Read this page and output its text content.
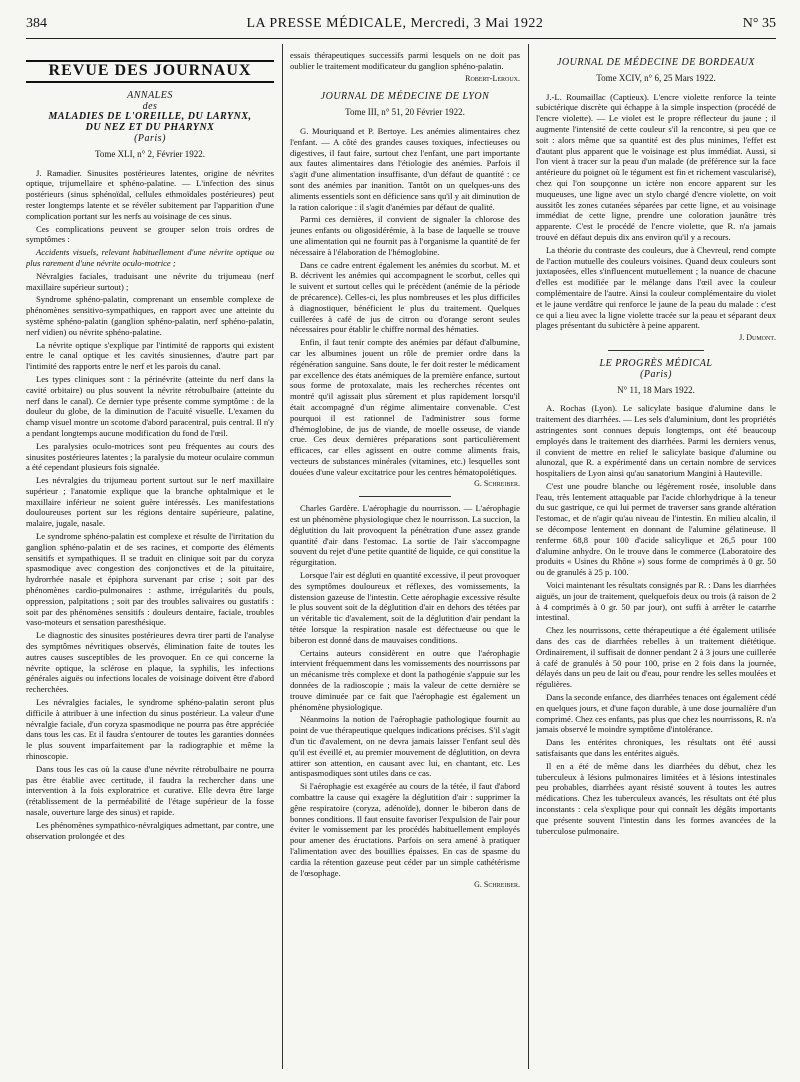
384	LA PRESSE MÉDICALE, Mercredi, 3 Mai 1922	N° 35
REVUE DES JOURNAUX
ANNALES
des
MALADIES DE L'OREILLE, DU LARYNX,
DU NEZ ET DU PHARYNX
(Paris)
Tome XLI, n° 2, Février 1922.

J. Ramadier. Sinusites postérieures latentes, origine de névrites optique, trijumellaire et sphéno-palatine. — L'infection des sinus postérieurs (sinus sphénoïdal, cellules ethmoïdales postérieures) peut rester longtemps latente et se révéler subitement par l'apparition d'une complication portant sur les nerfs au voisinage de ces sinus.

Ces complications peuvent se grouper selon trois ordres de symptômes :

Accidents visuels, relevant habituellement d'une névrite optique ou plus rarement d'une névrite oculo-motrice ;

Névralgies faciales, traduisant une névrite du trijumeau (nerf maxillaire supérieur surtout) ;

Syndrome sphéno-palatin, comprenant un ensemble complexe de phénomènes sensitivo-sympathiques, en rapport avec une atteinte du système sphéno-palatin (ganglion sphéno-palatin, nerf sphéno-palatin, nerf vidien) ou névrite sphéno-palatine.

La névrite optique s'explique par l'intimité de rapports qui existent entre le canal optique et les cavités sinusiennes, d'autre part par l'intimité des rapports entre le nerf et les parois du canal.

Les types cliniques sont : la périnévrite (atteinte du nerf dans la cavité orbitaire) ou plus souvent la névrite rétrobulbaire (atteinte du nerf dans le canal). Ce dernier type présente comme symptôme : de la douleur du globe, de la diminution de l'acuité visuelle. L'examen du champ visuel montre un scotome d'abord paracentral, puis central. Il n'y a pendant longtemps aucune modification du fond de l'œil.

Les paralysies oculo-motrices sont peu fréquentes au cours des sinusites postérieures latentes ; la paralysie du moteur oculaire commun a été cependant plusieurs fois signalée.

Les névralgies du trijumeau portent surtout sur le nerf maxillaire supérieur ; l'anatomie explique que la branche ophtalmique et le maxillaire inférieur ne soient guère intéressés. Les manifestations douloureuses portent sur les régions dentaire supérieure, palatine, malaire, jugale, nasale.

Le syndrome sphéno-palatin est complexe et résulte de l'irritation du ganglion sphéno-palatin et de ses racines, et comporte des éléments sensitifs et sympathiques. Il se traduit en clinique soit par du coryza spasmodique avec congestion des conjonctives et de la pituitaire, hydrorrhée nasale et épiphora survenant par crise ; soit par des phénomènes cardio-pulmonaires : asthme, irrégularités du pouls, oppression, palpitations ; soit par des troubles salivaires ou gustatifs : soit par des phénomènes sensitifs : douleurs dentaire, faciale, troubles vaso-moteurs et sensation paresthésique.

Le diagnostic des sinusites postérieures devra tirer parti de l'analyse des symptômes névritiques observés, élimination faite de toutes les autres causes susceptibles de les provoquer. En ce qui concerne la névrite optique, la sclérose en plaque, la syphilis, les infections générales aiguës ou infections locales de voisinage doivent être d'abord recherchées.

Les névralgies faciales, le syndrome sphéno-palatin seront plus difficile à attribuer à une infection du sinus postérieur. La valeur d'une névralgie faciale, d'un coryza spasmodique ne pourra pas être appréciée dans tous les cas. Et il faudra s'entourer de toutes les garanties données le plus souvent imparfaitement par la radiographie et même la rhinoscopie.

Dans tous les cas où la cause d'une névrite rétrobulbaire ne pourra pas être établie avec certitude, il faudra la rechercher dans une intervention à la fois exploratrice et curative. Elle devra être large (rétablissement de la perméabilité de l'étage supérieur de la fosse nasale, ouverture large des sinus) et rapide.

Les phénomènes sympathico-névralgiques admettant, par contre, une observation prolongée et des

essais thérapeutiques successifs parmi lesquels on ne doit pas oublier le traitement modificateur du ganglion sphéno-palatin.

Robert-Leroux.
JOURNAL DE MÉDECINE DE LYON
Tome III, n° 51, 20 Février 1922.

G. Mouriquand et P. Bertoye. Les anémies alimentaires chez l'enfant. — A côté des grandes causes toxiques, infectieuses ou digestives, il faut faire, surtout chez l'enfant, une part importante aux fautes alimentaires dans l'étiologie des anémies. Parfois il s'agit d'une alimentation insuffisante, d'un défaut de quantité : ce sont des anémies par inanition. Tantôt on un quelques-uns des aliments essentiels sont en déficience sans qu'il y ait diminution de la ration calorique : il s'agit d'anémies par défaut de qualité.

Parmi ces dernières, il convient de signaler la chlorose des jeunes enfants ou oligosidérémie, à la base de laquelle se trouve une alimentation qui ne fournit pas à l'organisme la quantité de fer nécessaire à l'élaboration de l'hémoglobine.

Dans ce cadre entrent également les anémies du scorbut. M. et B. décrivent les anémies qui accompagnent le scorbut, celles qui le suivent et surtout celles qui le précèdent (anémie de la période de précarence). Celles-ci, les plus nombreuses et les plus difficiles à diagnostiquer, bénéficient le plus du traitement. Quelques cuillerées à café de jus de citron ou d'orange seront seules nécessaires pour établir le chiffre normal des hématies.

Enfin, il faut tenir compte des anémies par défaut d'albumine, car les albumines jouent un rôle de premier ordre dans la régénération sanguine. Sans doute, le fer doit rester le médicament par excellence des états anémiques de la première enfance, surtout sous forme de protoxalate, mais les recherches récentes ont montré qu'il agissait plus sûrement et plus rapidement lorsqu'il était accompagné d'un régime alimentaire convenable. C'est pourquoi il est rationnel de l'administrer sous forme d'hémoglobine, de jus de viande, de moelle osseuse, de viande crue. Ces deux dernières préparations sont particulièrement efficaces, car elles agissent en outre comme aliments frais, vecteurs de substances minérales (vitamines, etc.) lesquelles sont douées d'une valeur excitatrice pour les centres hématopoïétiques.

G. Schreiber.

Charles Gardère. L'aérophagie du nourrisson. — L'aérophagie est un phénomène physiologique chez le nourrisson. La succion, la déglutition du lait provoquent la pénétration d'une assez grande quantité d'air dans l'estomac. La sortie de l'air s'accompagne souvent du rejet d'une petite quantité de liquide, ce qui constitue la régurgitation.

Lorsque l'air est dégluti en quantité excessive, il peut provoquer des symptômes douloureux et réflexes, des vomissements, la distension gazeuse de l'intestin. Cette aérophagie excessive résulte le plus souvent soit de la déglutition d'air en dehors des tétées par un véritable tic d'avalement, soit de la déglutition d'air pendant la tétée lorsque la respiration nasale est défectueuse ou que le biberon est donné dans de mauvaises conditions.

Certains auteurs considèrent en outre que l'aérophagie intervient fréquemment dans les vomissements des nourrissons par un mécanisme très complexe et dont la pathogénie s'appuie sur les données de la radioscopie ; mais la valeur de cette dernière se trouve diminuée par ce fait que l'aérophagie est également un phénomène physiologique.

Néanmoins la notion de l'aérophagie pathologique fournit au point de vue thérapeutique quelques indications précises. S'il s'agit d'un tic d'avalement, on ne devra jamais laisser l'enfant seul dès qu'il est éveillé et, au premier mouvement de déglutition, on devra attirer son attention, en causant avec lui, en chantant, etc. Les antispasmodiques sont utiles dans ce cas.

Si l'aérophagie est exagérée au cours de la tétée, il faut d'abord combattre la cause qui exagère la déglutition d'air : supprimer la gêne respiratoire (coryza, adénoïde), donner le biberon dans de bonnes conditions. Il faut ensuite favoriser l'expulsion de l'air pour éviter le vomissement par les procédés habituellement employés pour amener des éructations. Parfois on sera amené à pratiquer l'alimentation avec des bouillies épaisses. En cas de spasme du cardia la rétention gazeuse peut céder par un simple cathétérisme de l'œsophage.

G. Schreiber.
JOURNAL DE MÉDECINE DE BORDEAUX
Tome XCIV, n° 6, 25 Mars 1922.

J.-L. Roumaillac (Captieux). L'encre violette renforce la teinte subictérique discrète qui échappe à la simple inspection (procédé de l'encre violette). — Le violet est le propre réflecteur du jaune ; il augmente l'intensité de cette couleur s'il la rencontre, si peu que ce soit : alors même que sa quantité est des plus minimes, l'effet est d'autant plus apparent que le voisinage est plus immédiat. Aussi, si l'on vient à tracer sur la peau d'un malade (de préférence sur la face antérieure du poignet où le tégument est fin et richement vascularisé), chez qui l'on soupçonne un ictère non encore apparent sur les muqueuses, une ligne avec un stylo chargé d'encre violette, on voit aussitôt les zones cutanées séparées par cette ligne, et au voisinage immédiat de cette ligne, prendre une coloration jaunâtre très apparente. C'est le procédé de l'encre violette, que R. n'a jamais trouvé en défaut depuis dix ans environ qu'il y a recours.

La théorie du contraste des couleurs, due à Chevreul, rend compte de l'action mutuelle des couleurs voisines. Quand deux couleurs sont juxtaposées, elles s'influencent mutuellement ; la nuance de chacune d'elles est modifiée par le mélange dans l'œil avec la couleur complémentaire de l'autre. Ainsi la couleur complémentaire du violet et le jaune verdâtre qui renforce le jaune de la peau du malade : c'est ce qui a lieu avec la ligne violette tracée sur la peau et séparant deux plages présentant du subictère à peine apparent.

J. Dumont.
LE PROGRÈS MÉDICAL
(Paris)
N° 11, 18 Mars 1922.

A. Rochas (Lyon). Le salicylate basique d'alumine dans le traitement des diarrhées. — Les sels d'aluminium, dont les propriétés astringentes sont connues depuis longtemps, ont été beaucoup employés dans le traitement des diarrhées. Parmi les derniers venus, il convient de mettre en relief le salicylate basique d'alumine ou alunozal, que R. a expérimenté dans un certain nombre de services hospitaliers de Lyon ainsi qu'au sanatorium Mangini à Hauteville.

C'est une poudre blanche ou légèrement rosée, insoluble dans l'eau, très lentement attaquable par l'acide chlorhydrique à la teneur du suc gastrique, ce qui lui permet de traverser sans grande altération l'estomac, et de n'agir qu'au niveau de l'intestin. En milieu alcalin, il se décompose lentement en donnant de l'alumine gélatineuse. Il renferme 68,8 pour 100 d'acide salicylique et 26,5 pour 100 d'alumine anhydre. On le trouve dans le commerce (Laboratoire des produits « Usines du Rhône ») sous forme de comprimés à 0 gr. 50 ou de granulés à 25 p. 100.

Voici maintenant les résultats consignés par R. : Dans les diarrhées aiguës, un jour de traitement, quelquefois deux ou trois (à raison de 2 à 4 comprimés à 0 gr. 50 par jour), ont suffi à arrêter le catarrhe intestinal.

Chez les nourrissons, cette thérapeutique a été également utilisée dans des cas de diarrhées rebelles à un traitement diététique. Ordinairement, il suffisait de donner pendant 2 à 3 jours une cuillerée à café de granulés à 50 pour 100, prise en 2 fois dans la journée, délayés dans un peu de lait ou d'eau, pour rendre les selles moulées et régulières.

Dans la seconde enfance, des diarrhées tenaces ont également cédé en quelques jours, et d'une façon durable, à une dose journalière d'un comprimé. Chez ces enfants, pas plus que chez les nourrissons, R. n'a jamais observé le moindre symptôme d'intolérance.

Dans les entérites chroniques, les résultats ont été aussi satisfaisants que dans les entérites aiguës.

Il en a été de même dans les diarrhées du début, chez les tuberculeux à lésions pulmonaires limitées et à lésions intestinales peu probables, diarrhées ayant résisté souvent à toutes les autres médications. Chez les tuberculeux avancés, les résultats ont été plus inconstants : cela s'explique pour qui connaît les dégâts importants que présente souvent l'intestin dans les formes avancées de la tuberculose pulmonaire.
